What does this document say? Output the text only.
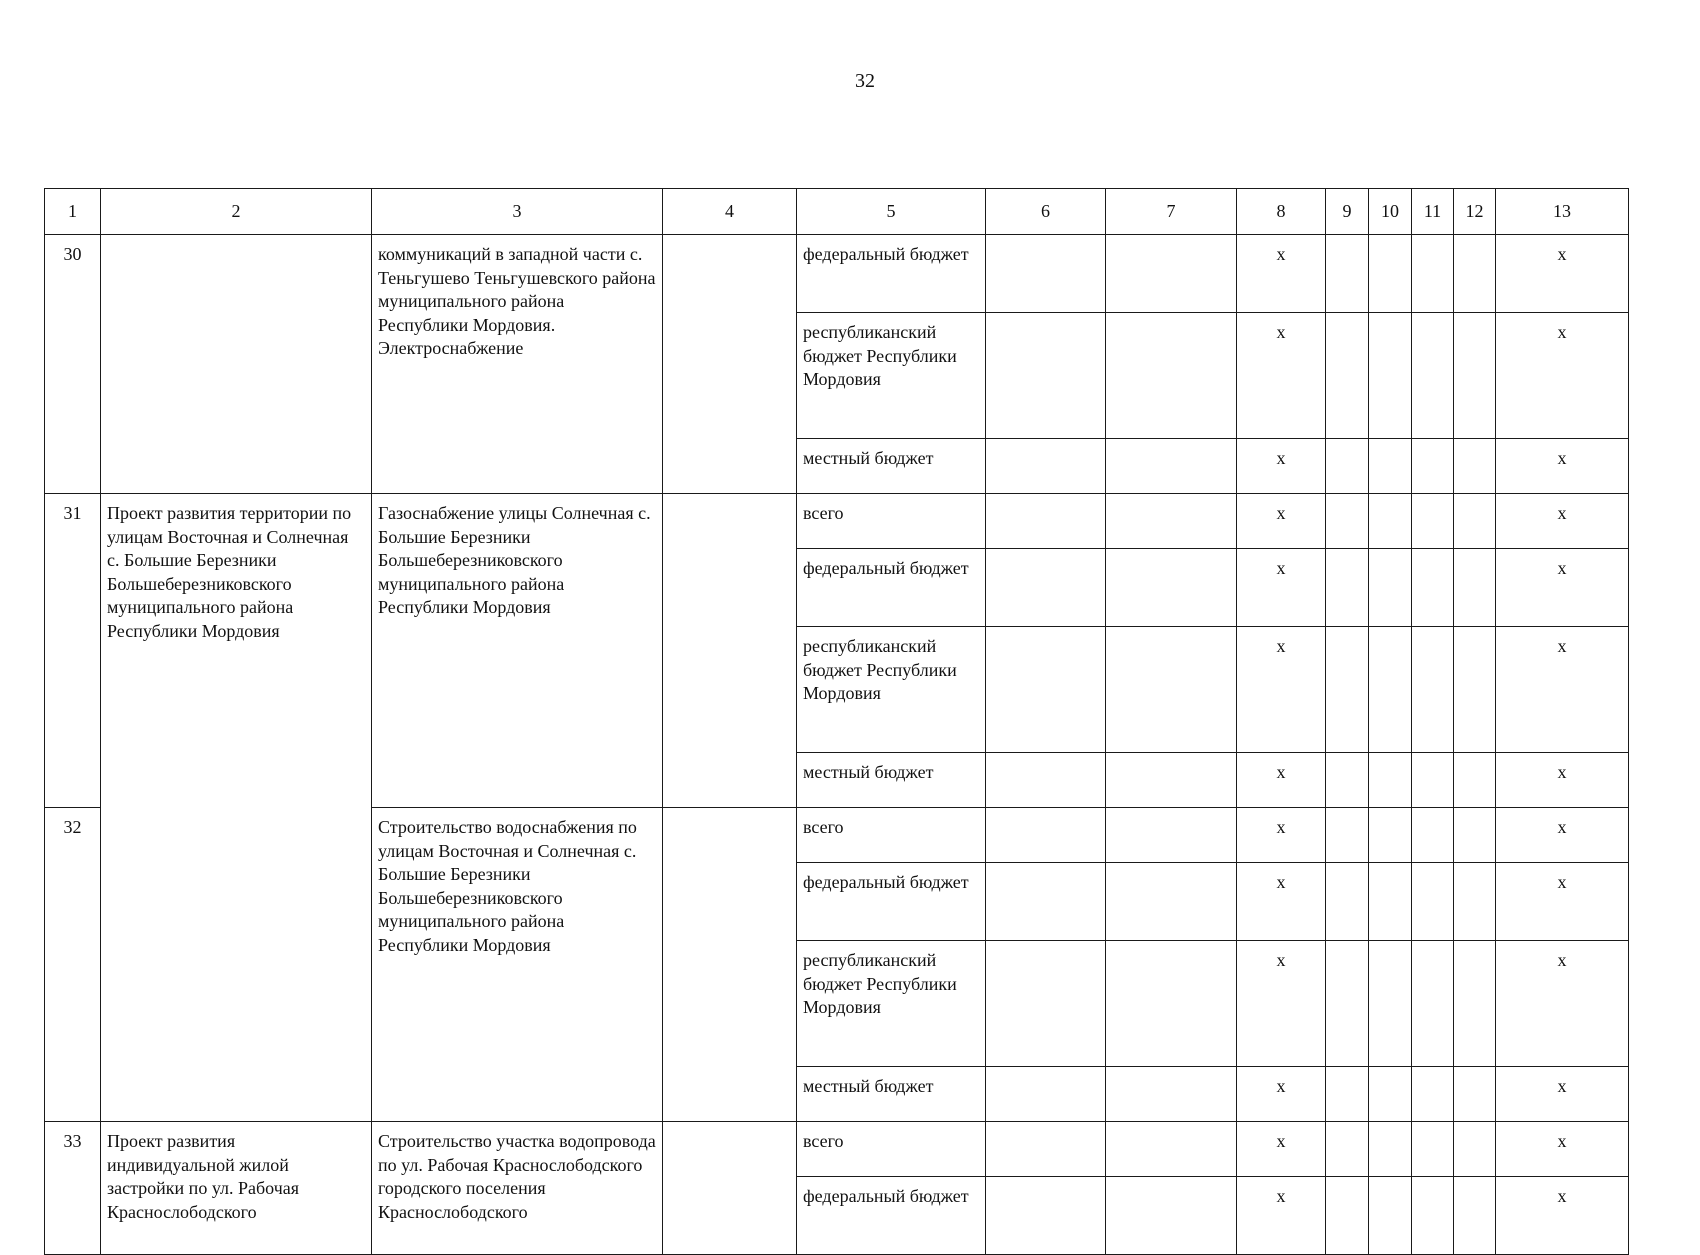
32
1	2	3	4	5	6	7	8	9	10	11	12	13
30		коммуникаций в западной части с. Теньгушево Теньгушевского района муниципального района Республики Мордовия. Электроснабжение		федеральный бюджет			x					x
				республиканский бюджет Республики Мордовия			x					x
				местный бюджет			x					x
31	Проект развития территории по улицам Восточная и Солнечная с. Большие Березники Большеберезниковского муниципального района Республики Мордовия	Газоснабжение улицы Солнечная с. Большие Березники Большеберезниковского муниципального района Республики Мордовия		всего			x					x
				федеральный бюджет			x					x
				республиканский бюджет Республики Мордовия			x					x
				местный бюджет			x					x
32		Строительство водоснабжения по улицам Восточная и Солнечная с. Большие Березники Большеберезниковского муниципального района Республики Мордовия		всего			x					x
				федеральный бюджет			x					x
				республиканский бюджет Республики Мордовия			x					x
				местный бюджет			x					x
33	Проект развития индивидуальной жилой застройки по ул. Рабочая Краснослободского	Строительство участка водопровода по ул. Рабочая Краснослободского городского поселения Краснослободского		всего			x					x
				федеральный бюджет			x					x
